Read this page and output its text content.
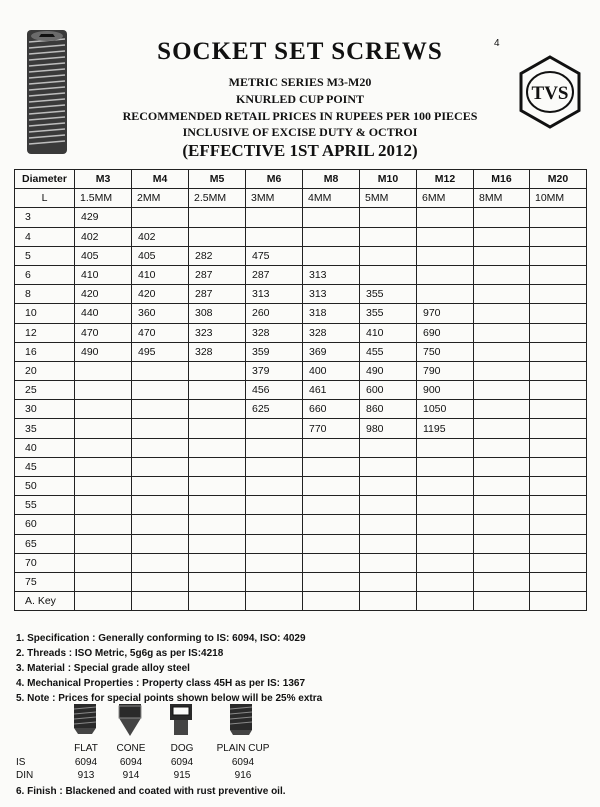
4
SOCKET SET SCREWS
METRIC SERIES M3-M20
KNURLED CUP POINT
RECOMMENDED RETAIL PRICES IN RUPEES PER 100 PIECES
INCLUSIVE OF EXCISE DUTY & OCTROI
(EFFECTIVE 1ST APRIL 2012)
TVS
Diameter	M3	M4	M5	M6	M8	M10	M12	M16	M20
L	1.5MM	2MM	2.5MM	3MM	4MM	5MM	6MM	8MM	10MM
3	429								
4	402	402							
5	405	405	282	475					
6	410	410	287	287	313				
8	420	420	287	313	313	355			
10	440	360	308	260	318	355	970		
12	470	470	323	328	328	410	690		
16	490	495	328	359	369	455	750		
20				379	400	490	790		
25				456	461	600	900		
30				625	660	860	1050		
35					770	980	1195		
40									
45									
50									
55									
60									
65									
70									
75									
A. Key									
1. Specification : Generally conforming to IS: 6094, ISO: 4029
2. Threads : ISO Metric, 5g6g as per IS:4218
3. Material : Special grade alloy steel
4. Mechanical Properties : Property class 45H as per IS: 1367
5. Note : Prices for special points shown below will be 25% extra
FLAT	CONE	DOG	PLAIN CUP
IS	6094	6094	6094	6094
DIN	913	914	915	916
6. Finish : Blackened and coated with rust preventive oil.
